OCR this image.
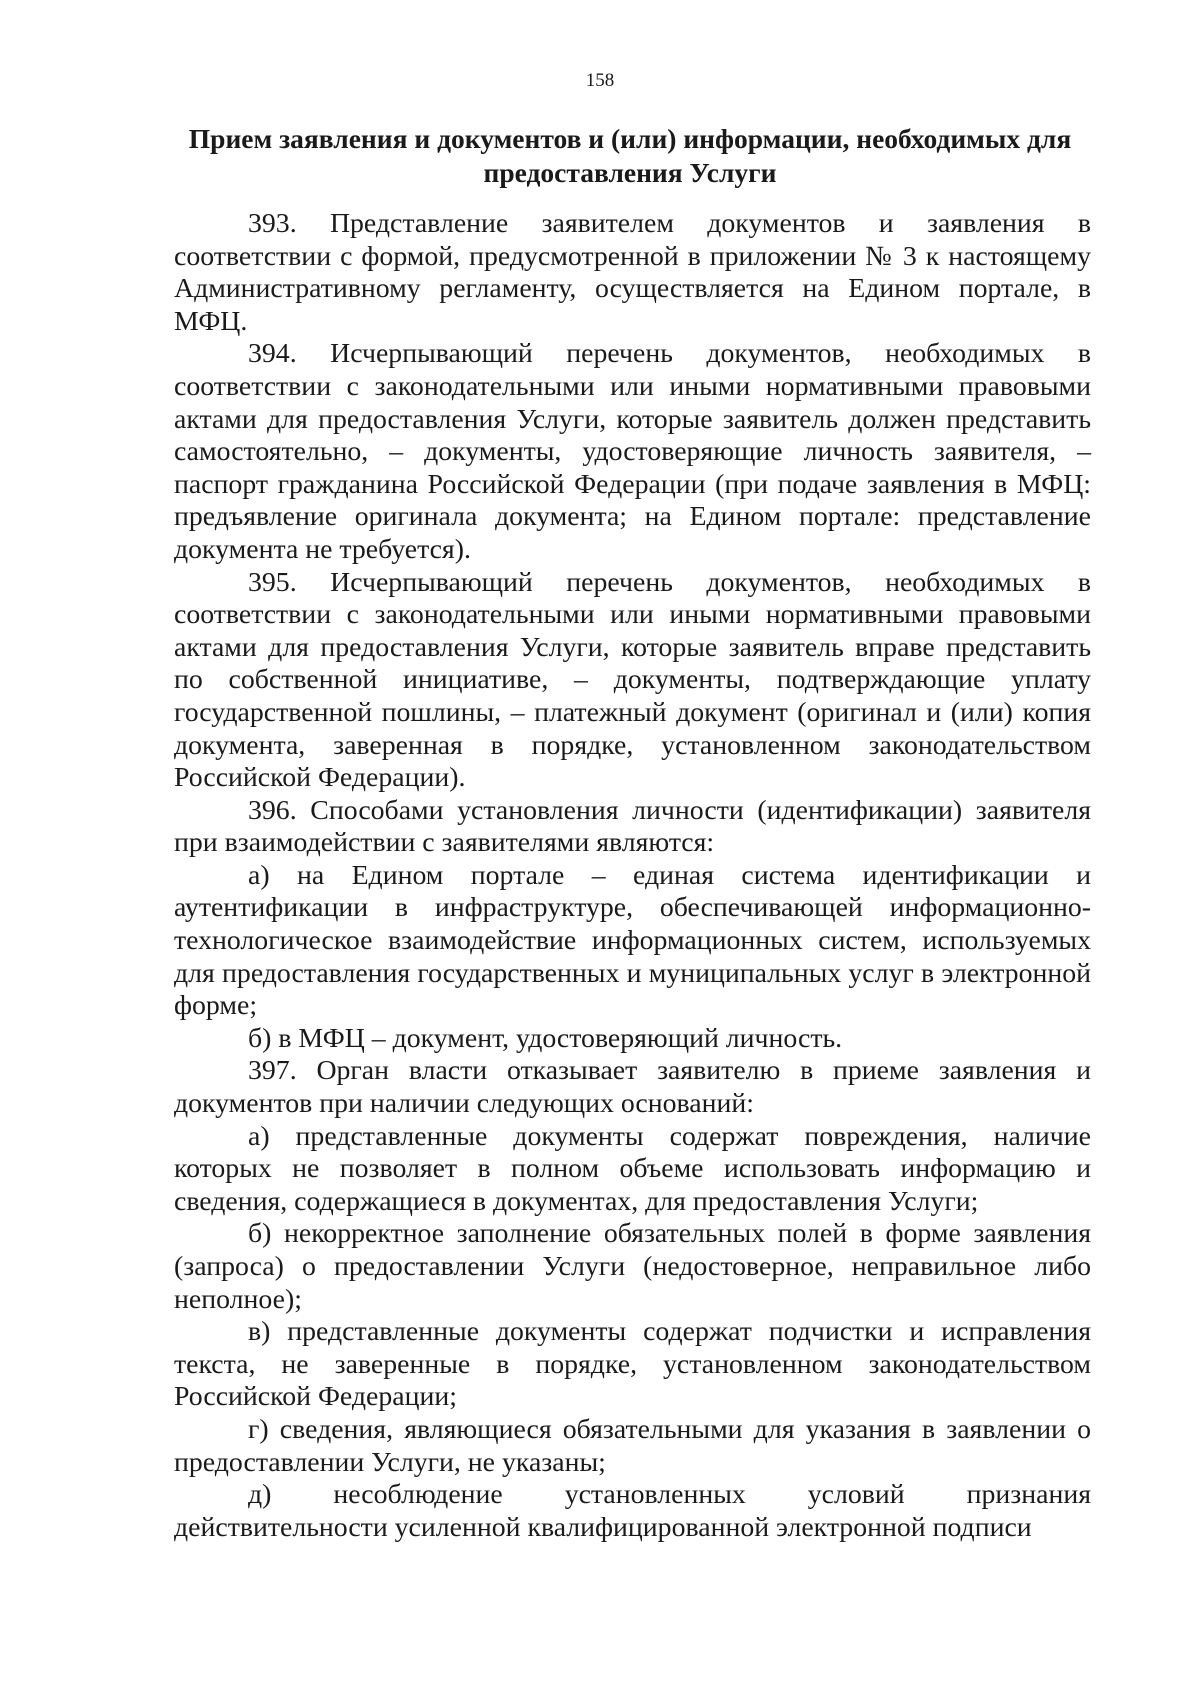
158
Прием заявления и документов и (или) информации, необходимых для предоставления Услуги

393. Представление заявителем документов и заявления в соответствии с формой, предусмотренной в приложении № 3 к настоящему Административному регламенту, осуществляется на Едином портале, в МФЦ.

394. Исчерпывающий перечень документов, необходимых в соответствии с законодательными или иными нормативными правовыми актами для предоставления Услуги, которые заявитель должен представить самостоятельно, – документы, удостоверяющие личность заявителя, – паспорт гражданина Российской Федерации (при подаче заявления в МФЦ: предъявление оригинала документа; на Едином портале: представление документа не требуется).

395. Исчерпывающий перечень документов, необходимых в соответствии с законодательными или иными нормативными правовыми актами для предоставления Услуги, которые заявитель вправе представить по собственной инициативе, – документы, подтверждающие уплату государственной пошлины, – платежный документ (оригинал и (или) копия документа, заверенная в порядке, установленном законодательством Российской Федерации).

396. Способами установления личности (идентификации) заявителя при взаимодействии с заявителями являются:

а) на Едином портале – единая система идентификации и аутентификации в инфраструктуре, обеспечивающей информационно-технологическое взаимодействие информационных систем, используемых для предоставления государственных и муниципальных услуг в электронной форме;

б) в МФЦ – документ, удостоверяющий личность.

397. Орган власти отказывает заявителю в приеме заявления и документов при наличии следующих оснований:

а) представленные документы содержат повреждения, наличие которых не позволяет в полном объеме использовать информацию и сведения, содержащиеся в документах, для предоставления Услуги;

б) некорректное заполнение обязательных полей в форме заявления (запроса) о предоставлении Услуги (недостоверное, неправильное либо неполное);

в) представленные документы содержат подчистки и исправления текста, не заверенные в порядке, установленном законодательством Российской Федерации;

г) сведения, являющиеся обязательными для указания в заявлении о предоставлении Услуги, не указаны;

д) несоблюдение установленных условий признания действительности усиленной квалифицированной электронной подписи
